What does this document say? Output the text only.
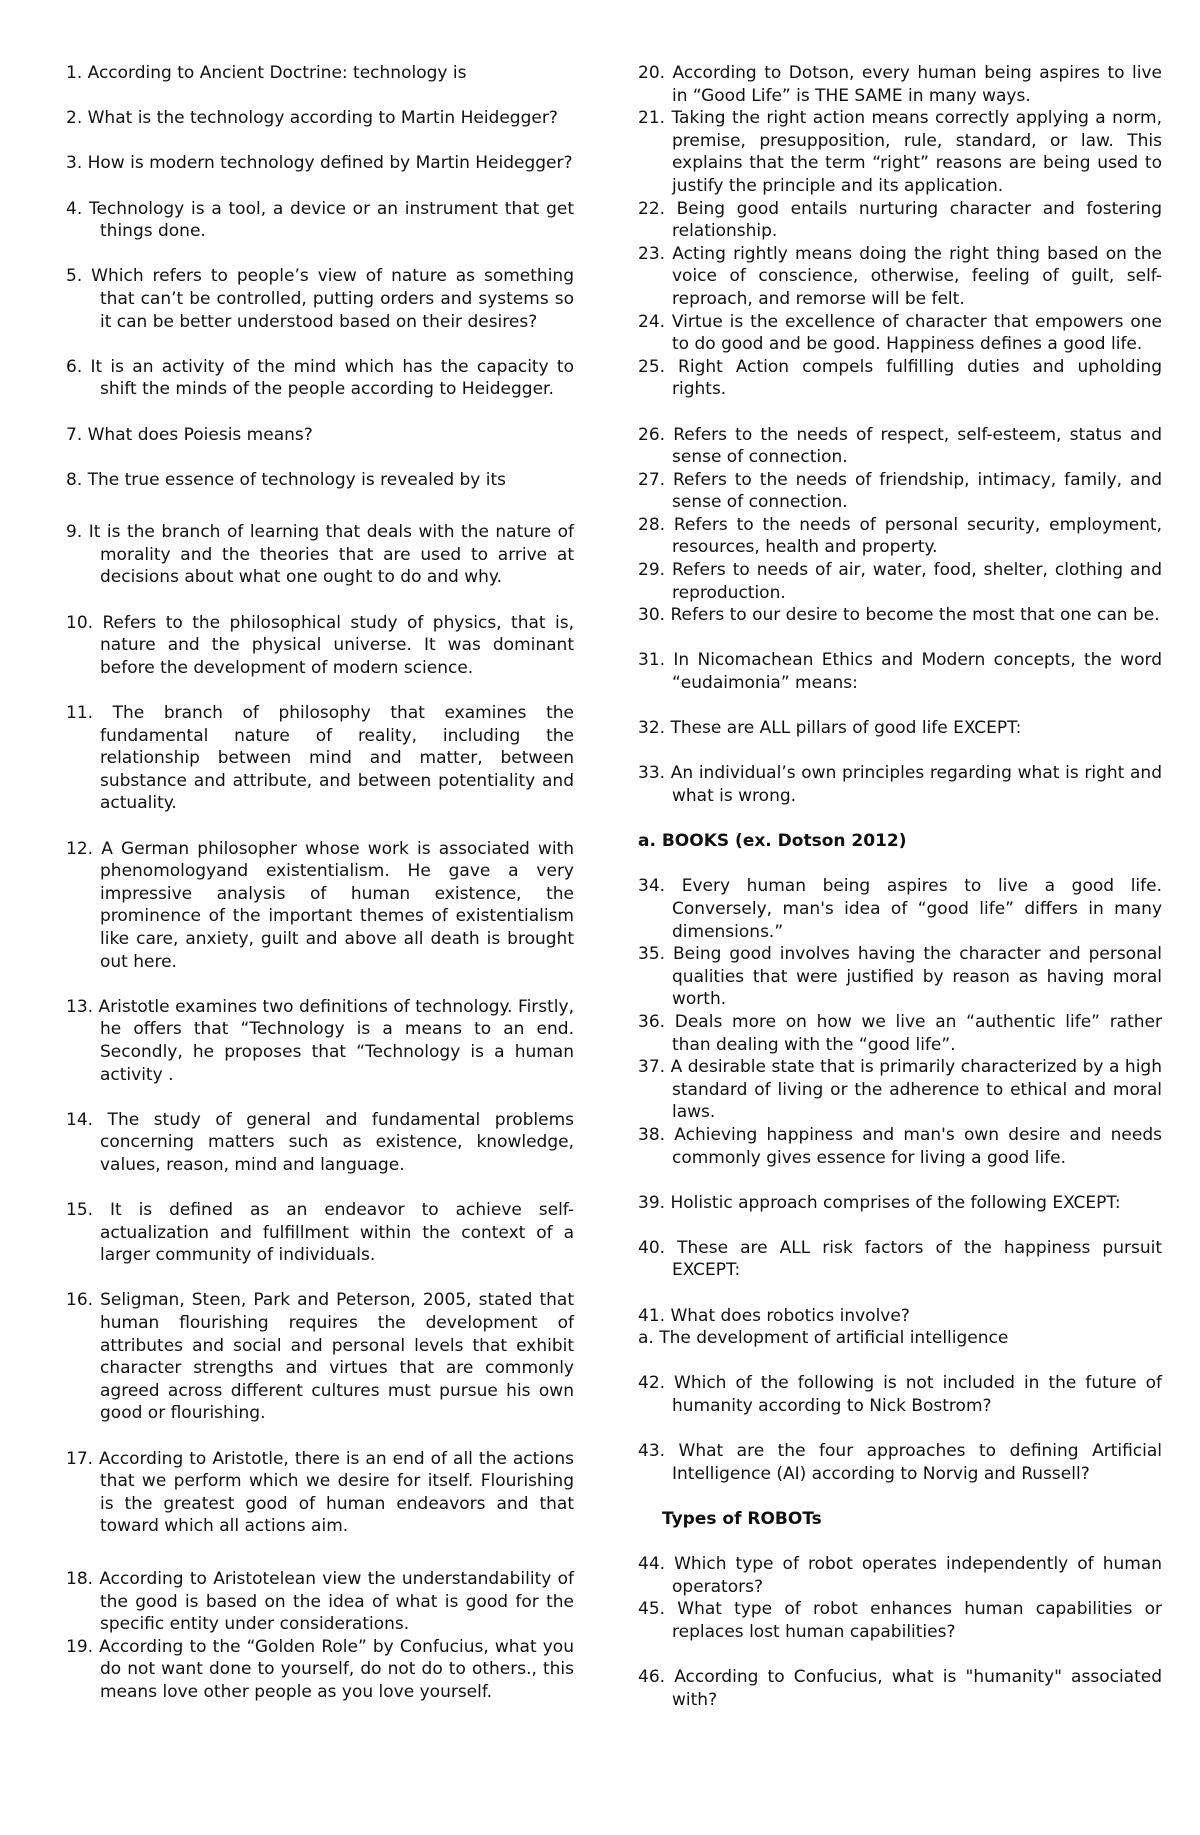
1. According to Ancient Doctrine: technology is

2. What is the technology according to Martin Heidegger?

3. How is modern technology defined by Martin Heidegger?

4. Technology is a tool, a device or an instrument that get things done.

5. Which refers to people’s view of nature as something that can’t be controlled, putting orders and systems so it can be better understood based on their desires?

6. It is an activity of the mind which has the capacity to shift the minds of the people according to Heidegger.

7. What does Poiesis means?

8. The true essence of technology is revealed by its

9. It is the branch of learning that deals with the nature of morality and the theories that are used to arrive at decisions about what one ought to do and why.

10. Refers to the philosophical study of physics, that is, nature and the physical universe. It was dominant before the development of modern science.

11. The branch of philosophy that examines the fundamental nature of reality, including the relationship between mind and matter, between substance and attribute, and between potentiality and actuality.

12. A German philosopher whose work is associated with phenomologyand existentialism. He gave a very impressive analysis of human existence, the prominence of the important themes of existentialism like care, anxiety, guilt and above all death is brought out here.

13. Aristotle examines two definitions of technology. Firstly, he offers that “Technology is a means to an end. Secondly, he proposes that “Technology is a human activity .

14. The study of general and fundamental problems concerning matters such as existence, knowledge, values, reason, mind and language.

15. It is defined as an endeavor to achieve self-actualization and fulfillment within the context of a larger community of individuals.

16. Seligman, Steen, Park and Peterson, 2005, stated that human flourishing requires the development of attributes and social and personal levels that exhibit character strengths and virtues that are commonly agreed across different cultures must pursue his own good or flourishing.

17. According to Aristotle, there is an end of all the actions that we perform which we desire for itself. Flourishing is the greatest good of human endeavors and that toward which all actions aim.

18. According to Aristotelean view the understandability of the good is based on the idea of what is good for the specific entity under considerations.

19. According to the “Golden Role” by Confucius, what you do not want done to yourself, do not do to others., this means love other people as you love yourself.

20. According to Dotson, every human being aspires to live in “Good Life” is THE SAME in many ways.

21. Taking the right action means correctly applying a norm, premise, presupposition, rule, standard, or law. This explains that the term “right” reasons are being used to justify the principle and its application.

22. Being good entails nurturing character and fostering relationship.

23. Acting rightly means doing the right thing based on the voice of conscience, otherwise, feeling of guilt, self-reproach, and remorse will be felt.

24. Virtue is the excellence of character that empowers one to do good and be good. Happiness defines a good life.

25. Right Action compels fulfilling duties and upholding rights.

26. Refers to the needs of respect, self-esteem, status and sense of connection.

27. Refers to the needs of friendship, intimacy, family, and sense of connection.

28. Refers to the needs of personal security, employment, resources, health and property.

29. Refers to needs of air, water, food, shelter, clothing and reproduction.

30. Refers to our desire to become the most that one can be.

31. In Nicomachean Ethics and Modern concepts, the word “eudaimonia” means:

32. These are ALL pillars of good life EXCEPT:

33. An individual’s own principles regarding what is right and what is wrong.

a. BOOKS (ex. Dotson 2012)

34. Every human being aspires to live a good life. Conversely, man's idea of “good life” differs in many dimensions.”

35. Being good involves having the character and personal qualities that were justified by reason as having moral worth.

36. Deals more on how we live an “authentic life” rather than dealing with the “good life”.

37. A desirable state that is primarily characterized by a high standard of living or the adherence to ethical and moral laws.

38. Achieving happiness and man's own desire and needs commonly gives essence for living a good life.

39. Holistic approach comprises of the following EXCEPT:

40. These are ALL risk factors of the happiness pursuit EXCEPT:

41. What does robotics involve?

a. The development of artificial intelligence

42. Which of the following is not included in the future of humanity according to Nick Bostrom?

43. What are the four approaches to defining Artificial Intelligence (AI) according to Norvig and Russell?

Types of ROBOTs

44. Which type of robot operates independently of human operators?

45. What type of robot enhances human capabilities or replaces lost human capabilities?

46. According to Confucius, what is "humanity" associated with?
